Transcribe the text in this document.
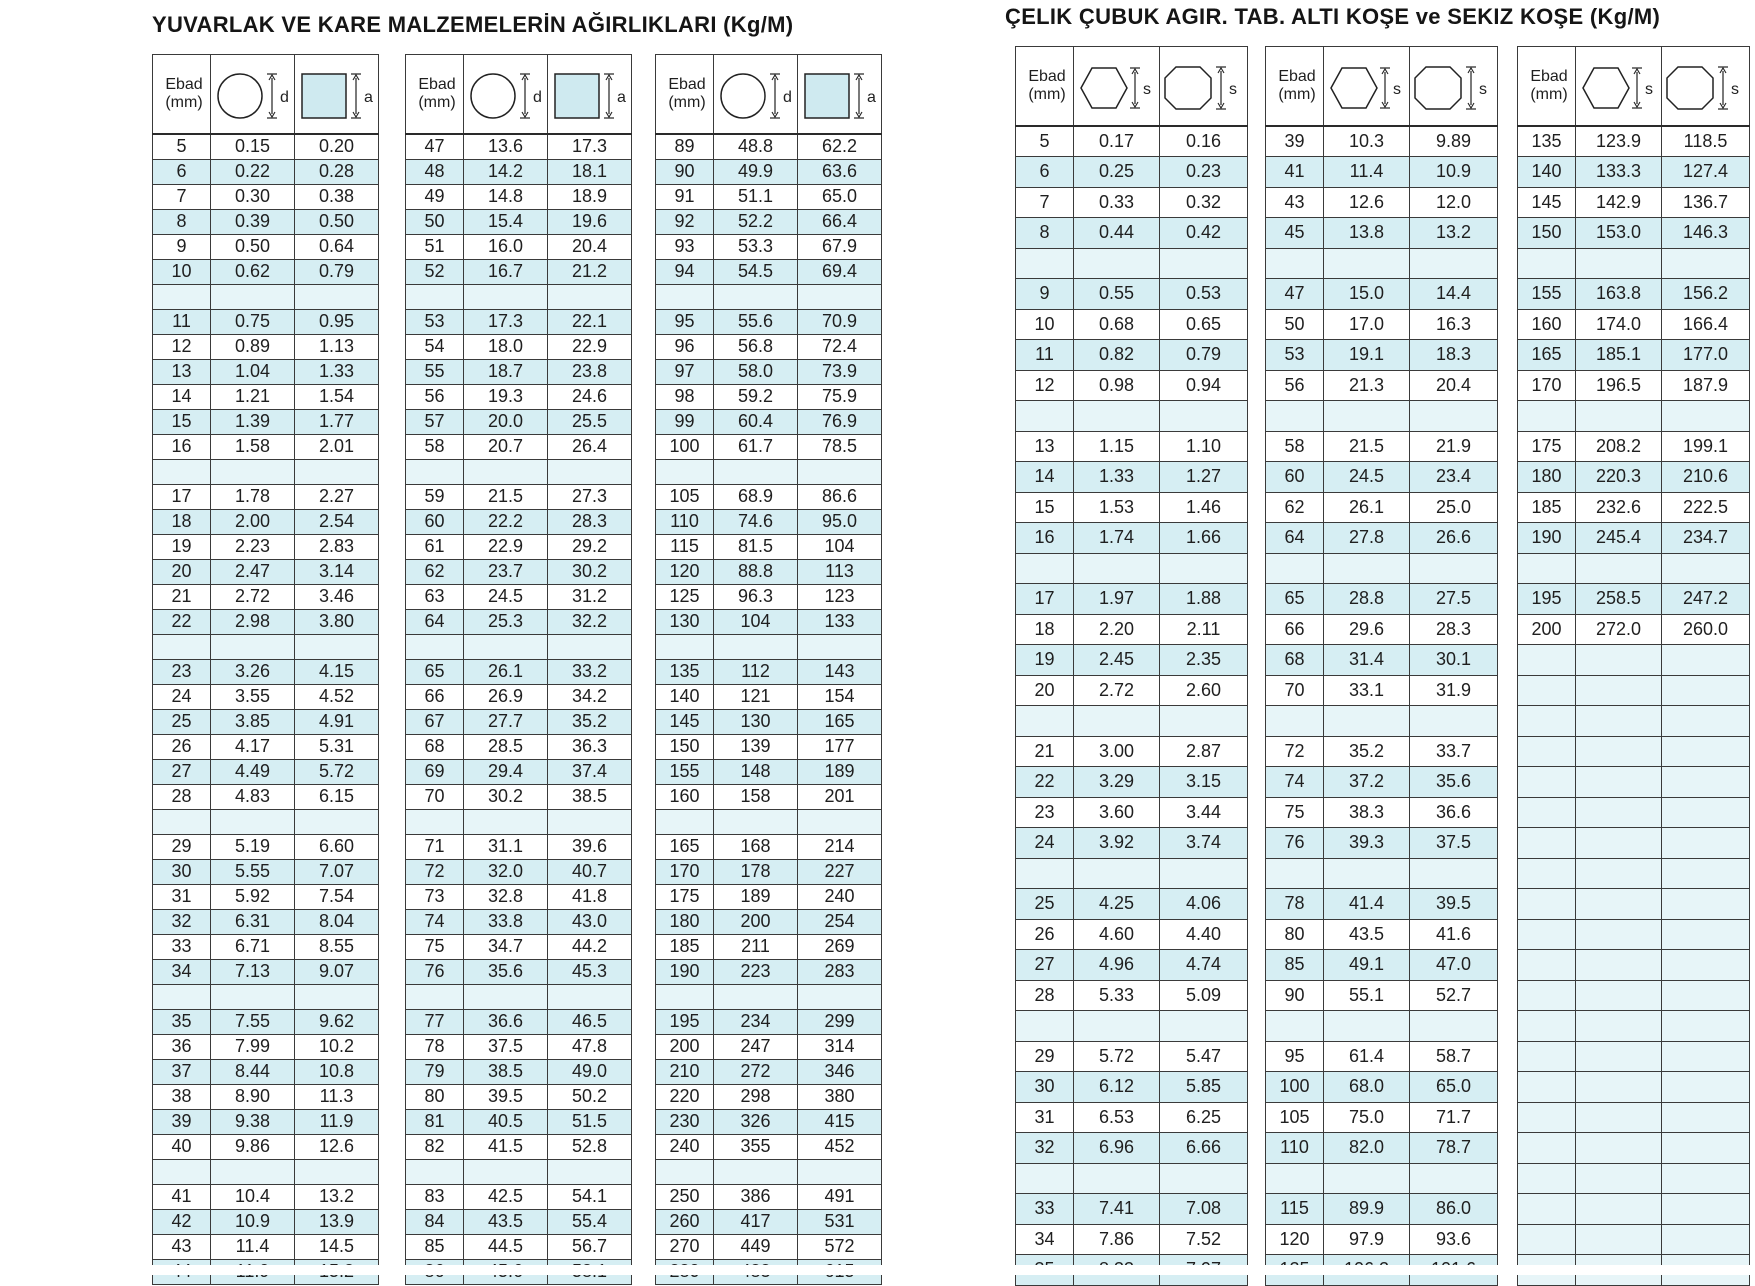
YUVARLAK VE KARE MALZEMELERİN AĞIRLIKLARI (Kg/M)	ÇELIK ÇUBUK AGIR. TAB. ALTI KOŞE ve SEKIZ KOŞE (Kg/M)
Ebad
(mm)	d	a

5	0.15	0.20
6	0.22	0.28
7	0.30	0.38
8	0.39	0.50
9	0.50	0.64
10	0.62	0.79

11	0.75	0.95
12	0.89	1.13
13	1.04	1.33
14	1.21	1.54
15	1.39	1.77
16	1.58	2.01

17	1.78	2.27
18	2.00	2.54
19	2.23	2.83
20	2.47	3.14
21	2.72	3.46
22	2.98	3.80

23	3.26	4.15
24	3.55	4.52
25	3.85	4.91
26	4.17	5.31
27	4.49	5.72
28	4.83	6.15

29	5.19	6.60
30	5.55	7.07
31	5.92	7.54
32	6.31	8.04
33	6.71	8.55
34	7.13	9.07

35	7.55	9.62
36	7.99	10.2
37	8.44	10.8
38	8.90	11.3
39	9.38	11.9
40	9.86	12.6

41	10.4	13.2
42	10.9	13.9
43	11.4	14.5

Ebad
(mm)	d	a

47	13.6	17.3
48	14.2	18.1
49	14.8	18.9
50	15.4	19.6
51	16.0	20.4
52	16.7	21.2

53	17.3	22.1
54	18.0	22.9
55	18.7	23.8
56	19.3	24.6
57	20.0	25.5
58	20.7	26.4

59	21.5	27.3
60	22.2	28.3
61	22.9	29.2
62	23.7	30.2
63	24.5	31.2
64	25.3	32.2

65	26.1	33.2
66	26.9	34.2
67	27.7	35.2
68	28.5	36.3
69	29.4	37.4
70	30.2	38.5

71	31.1	39.6
72	32.0	40.7
73	32.8	41.8
74	33.8	43.0
75	34.7	44.2
76	35.6	45.3

77	36.6	46.5
78	37.5	47.8
79	38.5	49.0
80	39.5	50.2
81	40.5	51.5
82	41.5	52.8

83	42.5	54.1
84	43.5	55.4
85	44.5	56.7

Ebad
(mm)	d	a

89	48.8	62.2
90	49.9	63.6
91	51.1	65.0
92	52.2	66.4
93	53.3	67.9
94	54.5	69.4

95	55.6	70.9
96	56.8	72.4
97	58.0	73.9
98	59.2	75.9
99	60.4	76.9
100	61.7	78.5

105	68.9	86.6
110	74.6	95.0
115	81.5	104
120	88.8	113
125	96.3	123
130	104	133

135	112	143
140	121	154
145	130	165
150	139	177
155	148	189
160	158	201

165	168	214
170	178	227
175	189	240
180	200	254
185	211	269
190	223	283

195	234	299
200	247	314
210	272	346
220	298	380
230	326	415
240	355	452

250	386	491
260	417	531
270	449	572

Ebad
(mm)	s	s

5	0.17	0.16
6	0.25	0.23
7	0.33	0.32
8	0.44	0.42

9	0.55	0.53
10	0.68	0.65
11	0.82	0.79
12	0.98	0.94

13	1.15	1.10
14	1.33	1.27
15	1.53	1.46
16	1.74	1.66

17	1.97	1.88
18	2.20	2.11
19	2.45	2.35
20	2.72	2.60

21	3.00	2.87
22	3.29	3.15
23	3.60	3.44
24	3.92	3.74

25	4.25	4.06
26	4.60	4.40
27	4.96	4.74
28	5.33	5.09

29	5.72	5.47
30	6.12	5.85
31	6.53	6.25
32	6.96	6.66

33	7.41	7.08
34	7.86	7.52

Ebad
(mm)	s	s

39	10.3	9.89
41	11.4	10.9
43	12.6	12.0
45	13.8	13.2

47	15.0	14.4
50	17.0	16.3
53	19.1	18.3
56	21.3	20.4

58	21.5	21.9
60	24.5	23.4
62	26.1	25.0
64	27.8	26.6

65	28.8	27.5
66	29.6	28.3
68	31.4	30.1
70	33.1	31.9

72	35.2	33.7
74	37.2	35.6
75	38.3	36.6
76	39.3	37.5

78	41.4	39.5
80	43.5	41.6
85	49.1	47.0
90	55.1	52.7

95	61.4	58.7
100	68.0	65.0
105	75.0	71.7
110	82.0	78.7

115	89.9	86.0
120	97.9	93.6

Ebad
(mm)	s	s

135	123.9	118.5
140	133.3	127.4
145	142.9	136.7
150	153.0	146.3

155	163.8	156.2
160	174.0	166.4
165	185.1	177.0
170	196.5	187.9

175	208.2	199.1
180	220.3	210.6
185	232.6	222.5
190	245.4	234.7

195	258.5	247.2
200	272.0	260.0
